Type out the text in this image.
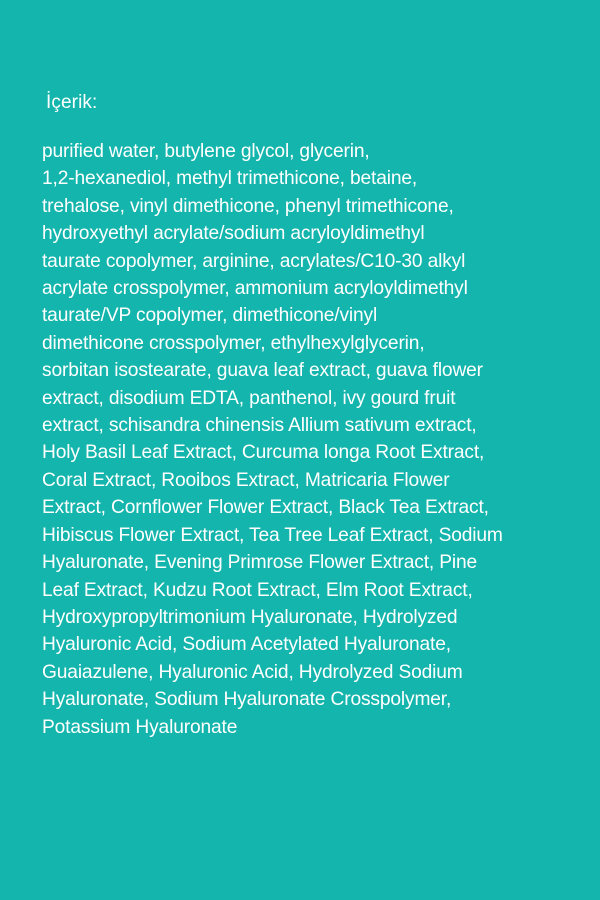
İçerik:

purified water, butylene glycol, glycerin,
1,2-hexanediol, methyl trimethicone, betaine,
trehalose, vinyl dimethicone, phenyl trimethicone,
hydroxyethyl acrylate/sodium acryloyldimethyl
taurate copolymer, arginine, acrylates/C10-30 alkyl
acrylate crosspolymer, ammonium acryloyldimethyl
taurate/VP copolymer, dimethicone/vinyl
dimethicone crosspolymer, ethylhexylglycerin,
sorbitan isostearate, guava leaf extract, guava flower
extract, disodium EDTA, panthenol, ivy gourd fruit
extract, schisandra chinensis Allium sativum extract,
Holy Basil Leaf Extract, Curcuma longa Root Extract,
Coral Extract, Rooibos Extract, Matricaria Flower
Extract, Cornflower Flower Extract, Black Tea Extract,
Hibiscus Flower Extract, Tea Tree Leaf Extract, Sodium
Hyaluronate, Evening Primrose Flower Extract, Pine
Leaf Extract, Kudzu Root Extract, Elm Root Extract,
Hydroxypropyltrimonium Hyaluronate, Hydrolyzed
Hyaluronic Acid, Sodium Acetylated Hyaluronate,
Guaiazulene, Hyaluronic Acid, Hydrolyzed Sodium
Hyaluronate, Sodium Hyaluronate Crosspolymer,
Potassium Hyaluronate
